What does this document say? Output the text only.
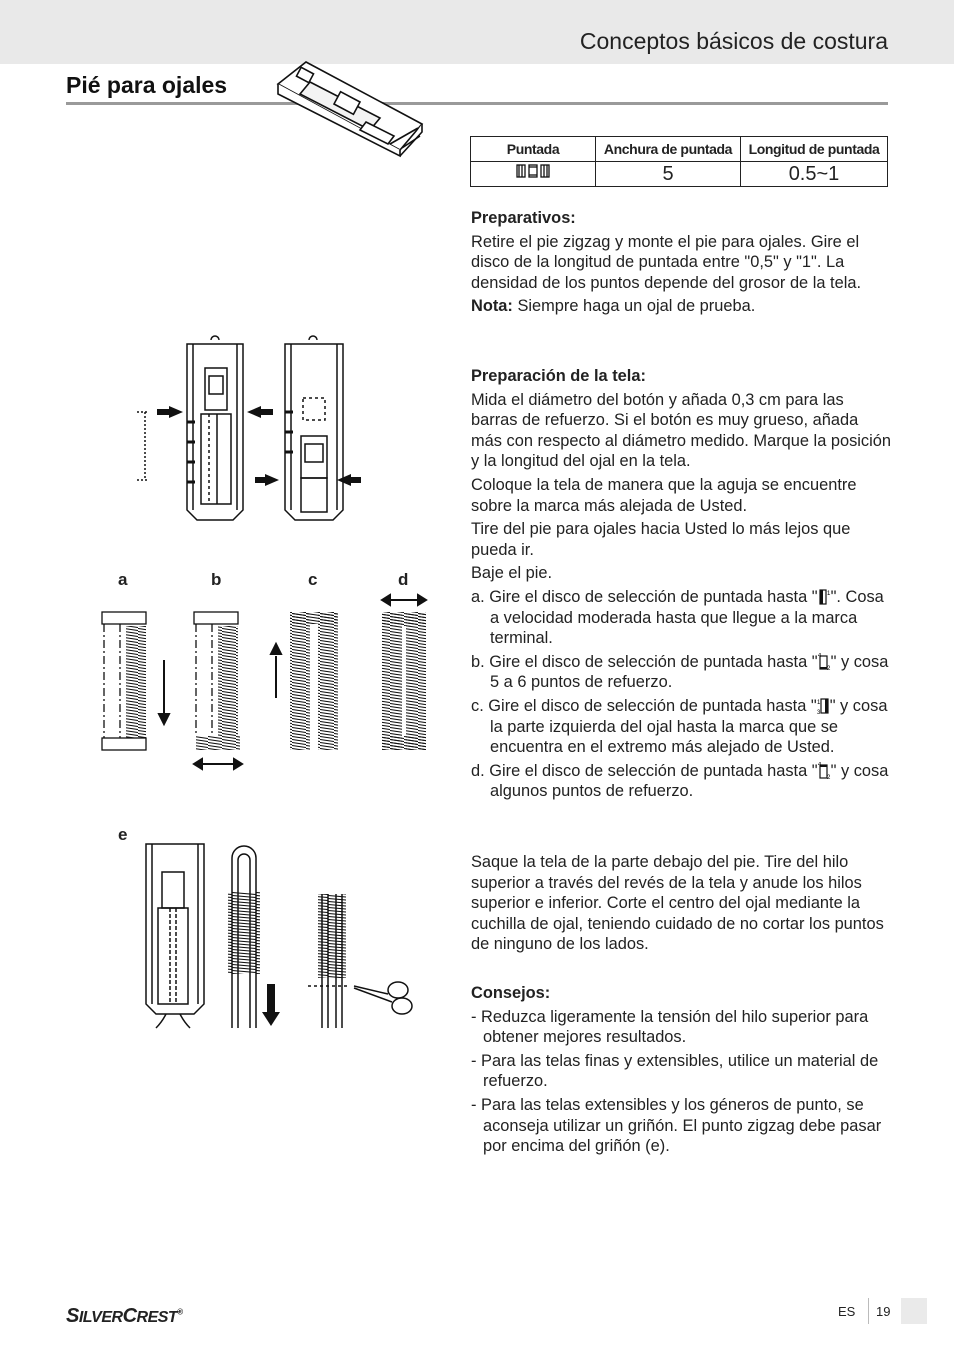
Conceptos básicos de costura
Pié para ojales
Puntada	Anchura de puntada	Longitud de puntada
	5	0.5~1
a	b	c	d
e

Preparativos:

Retire el pie zigzag y monte el pie para ojales. Gire el disco de la longitud de puntada entre "0,5" y "1". La densidad de los puntos depende del grosor de la tela.

Nota: Siempre haga un ojal de prueba.

Preparación de la tela:

Mida el diámetro del botón y añada 0,3 cm para las barras de refuerzo. Si el botón es muy grueso, añada más con respecto al diámetro medido. Marque la posición y la longitud del ojal en la tela.

Coloque la tela de manera que la aguja se encuentre sobre la marca más alejada de Usted.

Tire del pie para ojales hacia Usted lo más lejos que pueda ir.

Baje el pie.

a. Gire el disco de selección de puntada hasta " 1 ". Cosa a velocidad moderada hasta que llegue a la marca terminal.

b. Gire el disco de selección de puntada hasta " 4
2 " y cosa 5 a 6 puntos de refuerzo.

c. Gire el disco de selección de puntada hasta " 1
3 " y cosa la parte izquierda del ojal hasta la marca que se encuentra en el extremo más alejado de Usted.

d. Gire el disco de selección de puntada hasta " 4
2 " y cosa algunos puntos de refuerzo.

Saque la tela de la parte debajo del pie. Tire del hilo superior a través del revés de la tela y anude los hilos superior e inferior. Corte el centro del ojal mediante la cuchilla de ojal, teniendo cuidado de no cortar los puntos de ninguno de los lados.

Consejos:

- Reduzca ligeramente la tensión del hilo superior para obtener mejores resultados.

- Para las telas finas y extensibles, utilice un material de refuerzo.

- Para las telas extensibles y los géneros de punto, se aconseja utilizar un griñón. El punto zigzag debe pasar por encima del griñón (e).

SILVERCREST®	ES 19
